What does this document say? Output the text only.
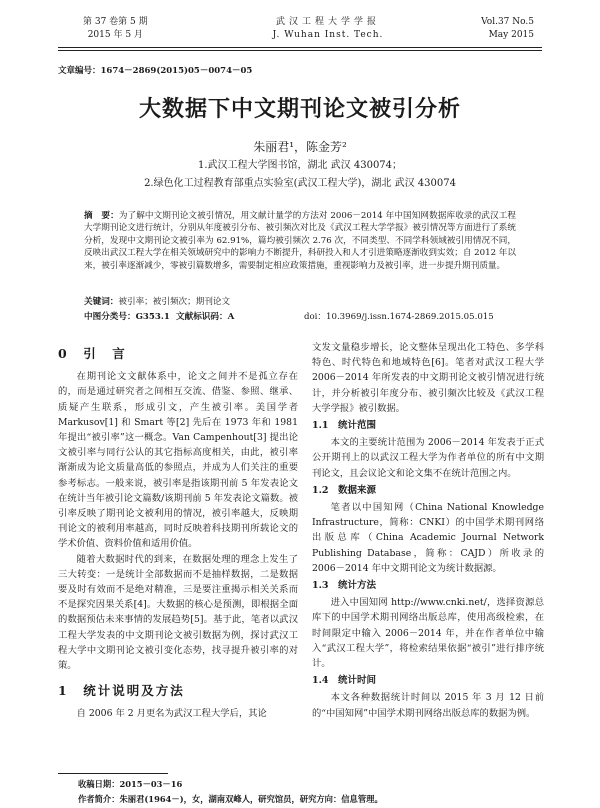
第 37 卷第 5 期
2015 年 5 月
武汉工程大学学报
J. Wuhan Inst. Tech.
Vol.37 No.5
May 2015
文章编号：1674－2869(2015)05－0074－05
大数据下中文期刊论文被引分析
朱丽君¹，陈金芳²
1.武汉工程大学图书馆，湖北 武汉 430074；
2.绿色化工过程教育部重点实验室(武汉工程大学)，湖北 武汉 430074
摘　要：为了解中文期刊论文被引情况，用文献计量学的方法对 2006－2014 年中国知网数据库收录的武汉工程大学期刊论文进行统计，分别从年度被引分布、被引频次对比及《武汉工程大学学报》被引情况等方面进行了系统分析，发现中文期刊论文被引率为 62.91%，篇均被引频次 2.76 次，不同类型、不同学科领域被引用情况不同，反映出武汉工程大学在相关领域研究中的影响力不断提升，科研投入和人才引进策略逐渐收到实效；自 2012 年以来，被引率逐渐减少，零被引篇数增多，需要制定相应政策措施，重视影响力及被引率，进一步提升期刊质量。
关键词：被引率；被引频次；期刊论文
中图分类号：G353.1 文献标识码：A	doi：10.3969/j.issn.1674-2869.2015.05.015
0　引　言

在期刊论文文献体系中，论文之间并不是孤立存在的，而是通过研究者之间相互交流、借鉴、参照、继承、质疑产生联系，形成引文，产生被引率。美国学者 Markusov[1] 和 Smart 等[2] 先后在 1973 年和 1981 年提出“被引率”这一概念。Van Campenhout[3] 提出论文被引率与同行公认的其它指标高度相关，由此，被引率渐渐成为论文质量高低的参照点，并成为人们关注的重要参考标志。一般来说，被引率是指该期刊前 5 年发表论文在统计当年被引论文篇数/该期刊前 5 年发表论文篇数。被引率反映了期刊论文被利用的情况，被引率越大，反映期刊论文的被利用率越高，同时反映着科技期刊所载论文的学术价值、资料价值和适用价值。

随着大数据时代的到来，在数据处理的理念上发生了三大转变：一是统计全部数据而不是抽样数据，二是数据要及时有效而不是绝对精准，三是要注重揭示相关关系而不是探究因果关系[4]。大数据的核心是预测，即根据全面的数据预估未来事情的发展趋势[5]。基于此，笔者以武汉工程大学发表的中文期刊论文被引数据为例，探讨武汉工程大学中文期刊论文被引变化态势，找寻提升被引率的对策。

1　统计说明及方法

自 2006 年 2 月更名为武汉工程大学后，其论

文发文量稳步增长，论文整体呈现出化工特色、多学科特色、时代特色和地域特色[6]。笔者对武汉工程大学 2006－2014 年所发表的中文期刊论文被引情况进行统计，并分析被引年度分布、被引频次比较及《武汉工程大学学报》被引数据。

1.1　统计范围

本文的主要统计范围为 2006－2014 年发表于正式公开期刊上的以武汉工程大学为作者单位的所有中文期刊论文，且会议论文和论文集不在统计范围之内。

1.2　数据来源

笔者以中国知网（China National Knowledge Infrastructure，简称：CNKI）的中国学术期刊网络出版总库（China Academic Journal Network Publishing Database，简称：CAJD）所收录的 2006－2014 年中文期刊论文为统计数据源。

1.3　统计方法

进入中国知网 http://www.cnki.net/，选择资源总库下的中国学术期刊网络出版总库，使用高级检索，在时间限定中输入 2006－2014 年，并在作者单位中输入“武汉工程大学”，将检索结果依据“被引”进行排序统计。

1.4　统计时间

本文各种数据统计时间以 2015 年 3 月 12 日前的“中国知网”中国学术期刊网络出版总库的数据为例。

收稿日期：2015－03－16
作者简介：朱丽君(1964－)，女，湖南双峰人，研究馆员，研究方向：信息管理。
